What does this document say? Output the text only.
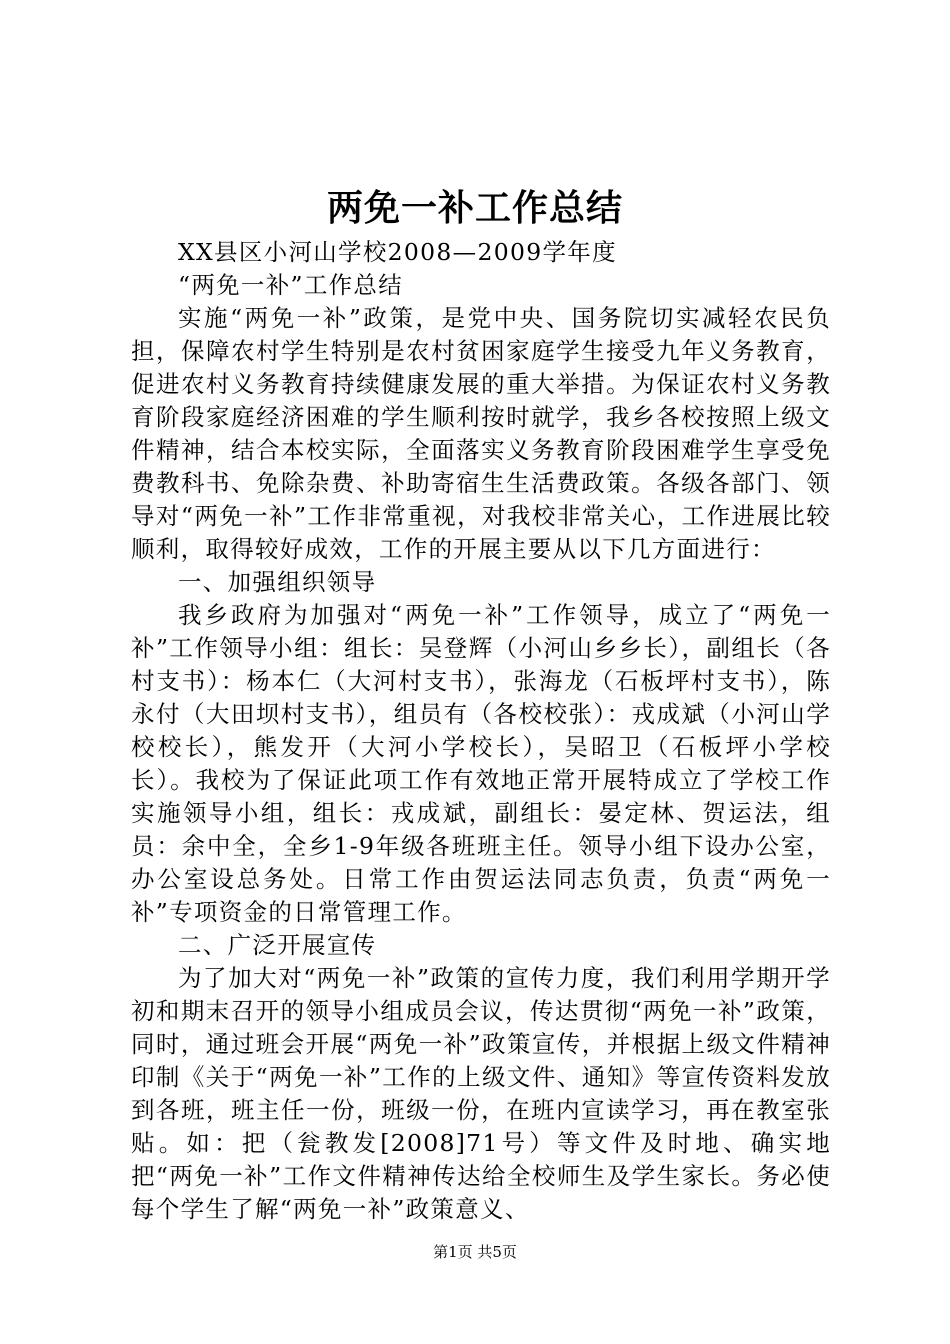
两免一补工作总结

XX县区小河山学校2008—2009学年度

“两免一补”工作总结

实施“两免一补”政策，是党中央、国务院切实减轻农民负担，保障农村学生特别是农村贫困家庭学生接受九年义务教育，促进农村义务教育持续健康发展的重大举措。为保证农村义务教育阶段家庭经济困难的学生顺利按时就学，我乡各校按照上级文件精神，结合本校实际，全面落实义务教育阶段困难学生享受免费教科书、免除杂费、补助寄宿生生活费政策。各级各部门、领导对“两免一补”工作非常重视，对我校非常关心，工作进展比较顺利，取得较好成效，工作的开展主要从以下几方面进行：

一、加强组织领导

我乡政府为加强对“两免一补”工作领导，成立了“两免一补”工作领导小组：组长：吴登辉（小河山乡乡长），副组长（各村支书）：杨本仁（大河村支书），张海龙（石板坪村支书），陈永付（大田坝村支书），组员有（各校校张）：戎成斌（小河山学校校长），熊发开（大河小学校长），吴昭卫（石板坪小学校长）。我校为了保证此项工作有效地正常开展特成立了学校工作实施领导小组，组长：戎成斌，副组长：晏定林、贺运法，组员：余中全，全乡1-9年级各班班主任。领导小组下设办公室，办公室设总务处。日常工作由贺运法同志负责，负责“两免一补”专项资金的日常管理工作。

二、广泛开展宣传

为了加大对“两免一补”政策的宣传力度，我们利用学期开学初和期末召开的领导小组成员会议，传达贯彻“两免一补”政策，同时，通过班会开展“两免一补”政策宣传，并根据上级文件精神印制《关于“两免一补”工作的上级文件、通知》等宣传资料发放到各班，班主任一份，班级一份，在班内宣读学习，再在教室张贴。如：把（瓮教发[2008]71号）等文件及时地、确实地把“两免一补”工作文件精神传达给全校师生及学生家长。务必使每个学生了解“两免一补”政策意义、

第1页 共5页
